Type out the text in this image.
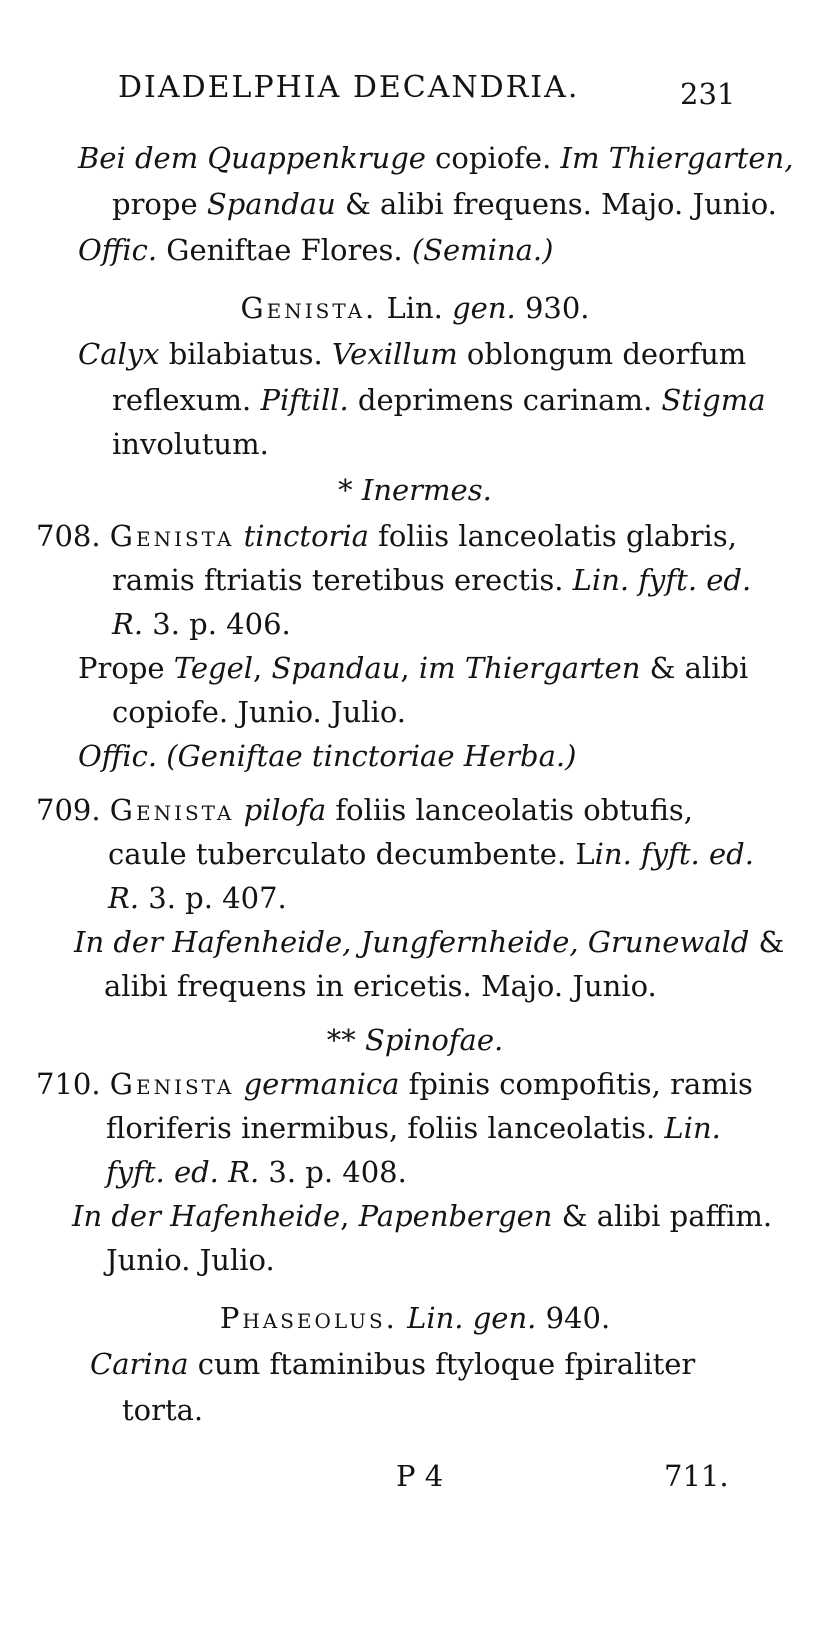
DIADELPHIA DECANDRIA.	231

Bei dem Quappenkruge copiofe. Im Thiergarten,

prope Spandau & alibi frequens. Majo. Junio.

Offic. Geniftae Flores. (Semina.)

Genista. Lin. gen. 930.

Calyx bilabiatus. Vexillum oblongum deorfum

reflexum. Piftill. deprimens carinam. Stigma

involutum.

* Inermes.

708. Genista tinctoria foliis lanceolatis glabris,

ramis ftriatis teretibus erectis. Lin. fyft. ed.

R. 3. p. 406.

Prope Tegel, Spandau, im Thiergarten & alibi

copiofe. Junio. Julio.

Offic. (Geniftae tinctoriae Herba.)

709. Genista pilofa foliis lanceolatis obtufis,

caule tuberculato decumbente. Lin. fyft. ed.

R. 3. p. 407.

In der Hafenheide, Jungfernheide, Grunewald &

alibi frequens in ericetis. Majo. Junio.

** Spinofae.

710. Genista germanica fpinis compofitis, ramis

floriferis inermibus, foliis lanceolatis. Lin.

fyft. ed. R. 3. p. 408.

In der Hafenheide, Papenbergen & alibi paffim.

Junio. Julio.

Phaseolus. Lin. gen. 940.

Carina cum ftaminibus ftyloque fpiraliter

torta.

P 4	711.
